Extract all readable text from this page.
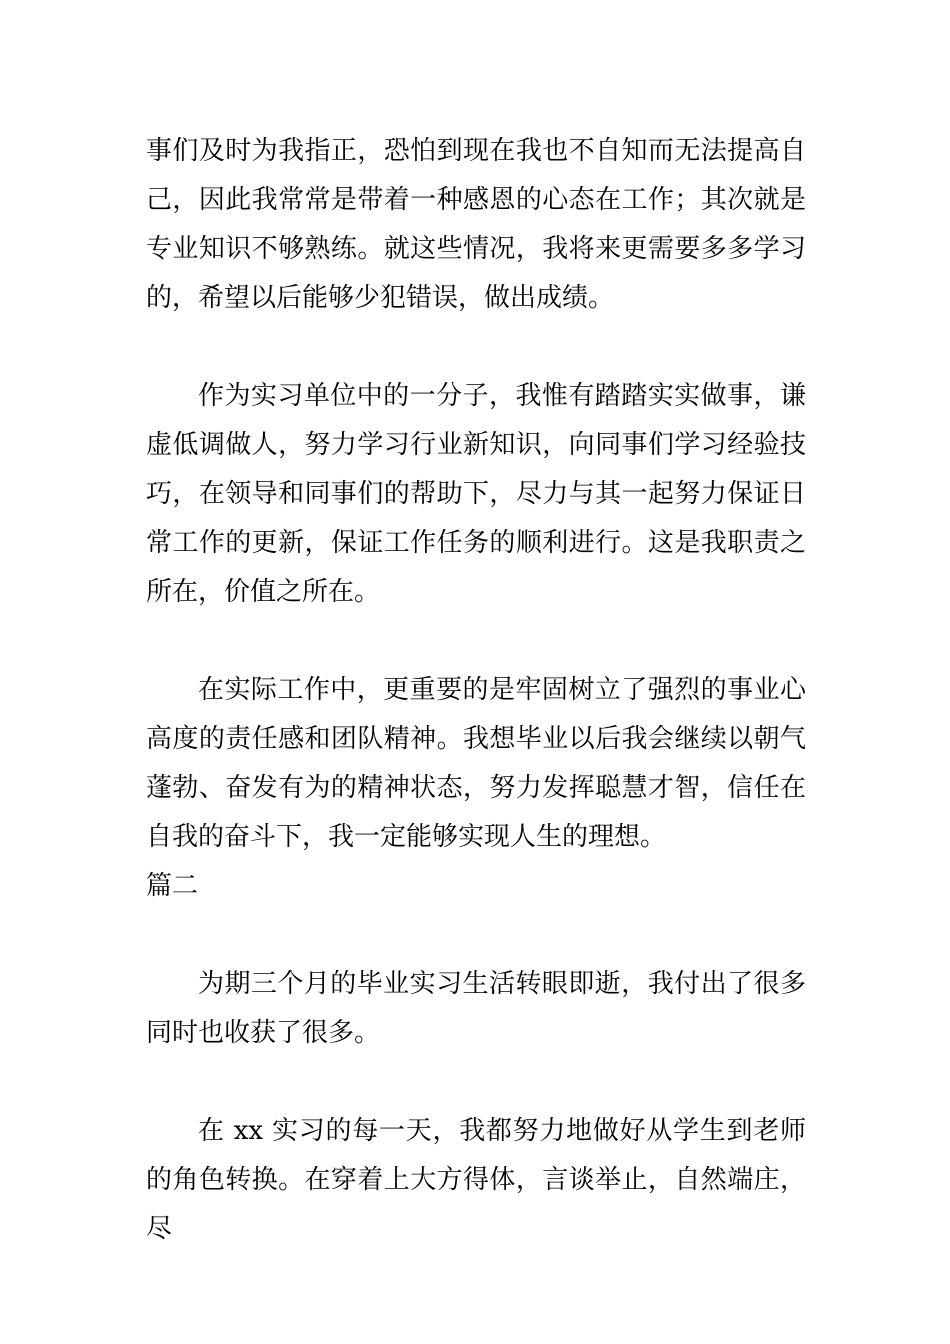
事们及时为我指正，恐怕到现在我也不自知而无法提高自己，因此我常常是带着一种感恩的心态在工作；其次就是专业知识不够熟练。就这些情况，我将来更需要多多学习的，希望以后能够少犯错误，做出成绩。

作为实习单位中的一分子，我惟有踏踏实实做事，谦虚低调做人，努力学习行业新知识，向同事们学习经验技巧，在领导和同事们的帮助下，尽力与其一起努力保证日常工作的更新，保证工作任务的顺利进行。这是我职责之所在，价值之所在。

在实际工作中，更重要的是牢固树立了强烈的事业心高度的责任感和团队精神。我想毕业以后我会继续以朝气蓬勃、奋发有为的精神状态，努力发挥聪慧才智，信任在自我的奋斗下，我一定能够实现人生的理想。

篇二

为期三个月的毕业实习生活转眼即逝，我付出了很多同时也收获了很多。

在 xx 实习的每一天，我都努力地做好从学生到老师的角色转换。在穿着上大方得体，言谈举止，自然端庄，尽
